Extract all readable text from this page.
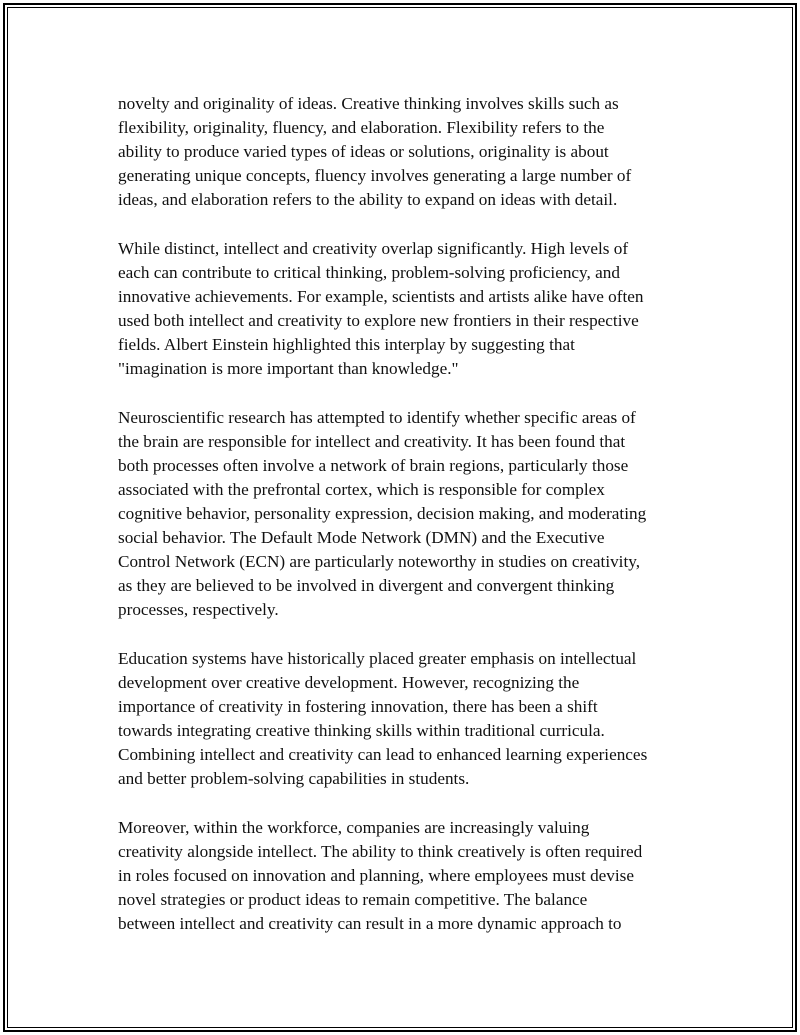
novelty and originality of ideas. Creative thinking involves skills such as
flexibility, originality, fluency, and elaboration. Flexibility refers to the
ability to produce varied types of ideas or solutions, originality is about
generating unique concepts, fluency involves generating a large number of
ideas, and elaboration refers to the ability to expand on ideas with detail.

While distinct, intellect and creativity overlap significantly. High levels of
each can contribute to critical thinking, problem-solving proficiency, and
innovative achievements. For example, scientists and artists alike have often
used both intellect and creativity to explore new frontiers in their respective
fields. Albert Einstein highlighted this interplay by suggesting that
"imagination is more important than knowledge."

Neuroscientific research has attempted to identify whether specific areas of
the brain are responsible for intellect and creativity. It has been found that
both processes often involve a network of brain regions, particularly those
associated with the prefrontal cortex, which is responsible for complex
cognitive behavior, personality expression, decision making, and moderating
social behavior. The Default Mode Network (DMN) and the Executive
Control Network (ECN) are particularly noteworthy in studies on creativity,
as they are believed to be involved in divergent and convergent thinking
processes, respectively.

Education systems have historically placed greater emphasis on intellectual
development over creative development. However, recognizing the
importance of creativity in fostering innovation, there has been a shift
towards integrating creative thinking skills within traditional curricula.
Combining intellect and creativity can lead to enhanced learning experiences
and better problem-solving capabilities in students.

Moreover, within the workforce, companies are increasingly valuing
creativity alongside intellect. The ability to think creatively is often required
in roles focused on innovation and planning, where employees must devise
novel strategies or product ideas to remain competitive. The balance
between intellect and creativity can result in a more dynamic approach to
